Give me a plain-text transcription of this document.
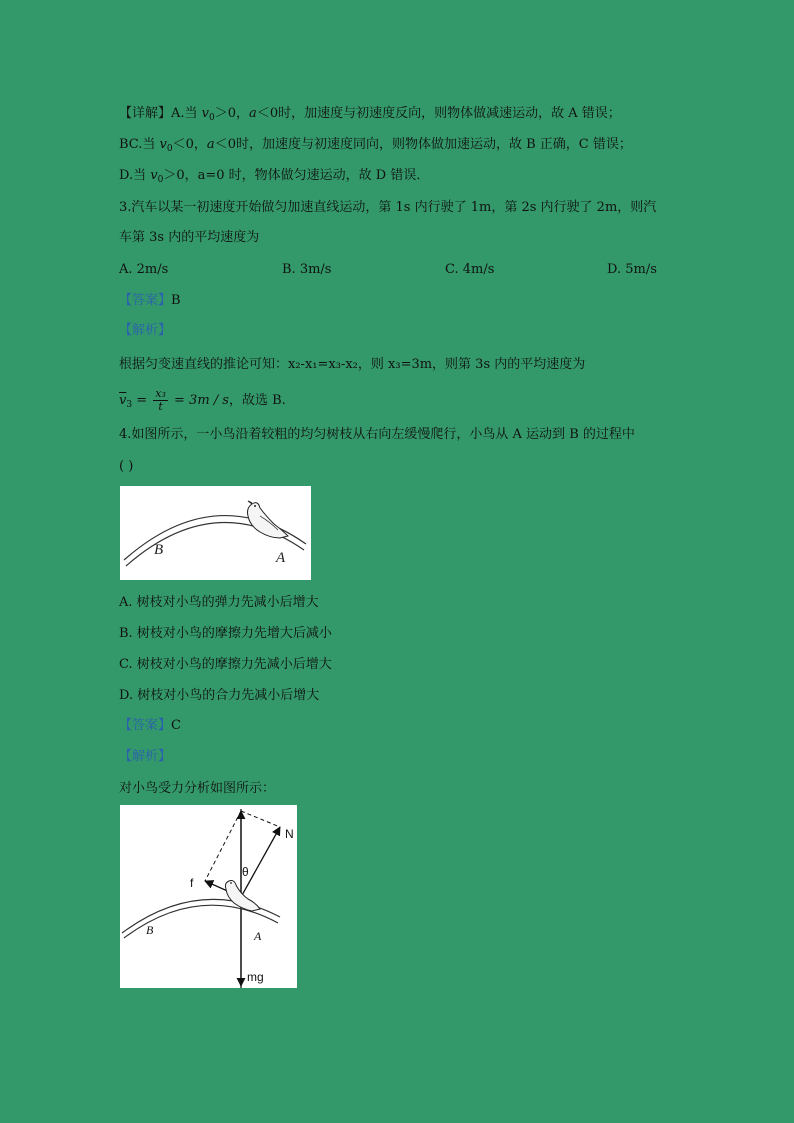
【详解】A.当 $v_0>0$，a＜0时，加速度与初速度反向，则物体做减速运动，故 A 错误；
BC.当 $v_0<0$，a＜0时，加速度与初速度同向，则物体做加速运动，故 B 正确，C 错误；
D.当 $v_0>0$，a=0 时，物体做匀速运动，故 D 错误．
3.汽车以某一初速度开始做匀加速直线运动，第 1s 内行驶了 1m，第 2s 内行驶了 2m，则汽
车第 3s 内的平均速度为
A. 2m/s	B. 3m/s	C. 4m/s	D. 5m/s
【答案】B
【解析】
根据匀变速直线的推论可知：x₂-x₁=x₃-x₂，则 x₃=3m，则第 3s 内的平均速度为
$\overline{v}_3 = \frac{\text{x₃}}{t} = 3m / s$，故选 B.
4.如图所示，一小鸟沿着较粗的均匀树枝从右向左缓慢爬行，小鸟从 A 运动到 B 的过程中
( )
B	A
A. 树枝对小鸟的弹力先减小后增大
B. 树枝对小鸟的摩擦力先增大后减小
C. 树枝对小鸟的摩擦力先减小后增大
D. 树枝对小鸟的合力先减小后增大
【答案】C
【解析】
对小鸟受力分析如图所示：
N
θ
f
B	A
mg
